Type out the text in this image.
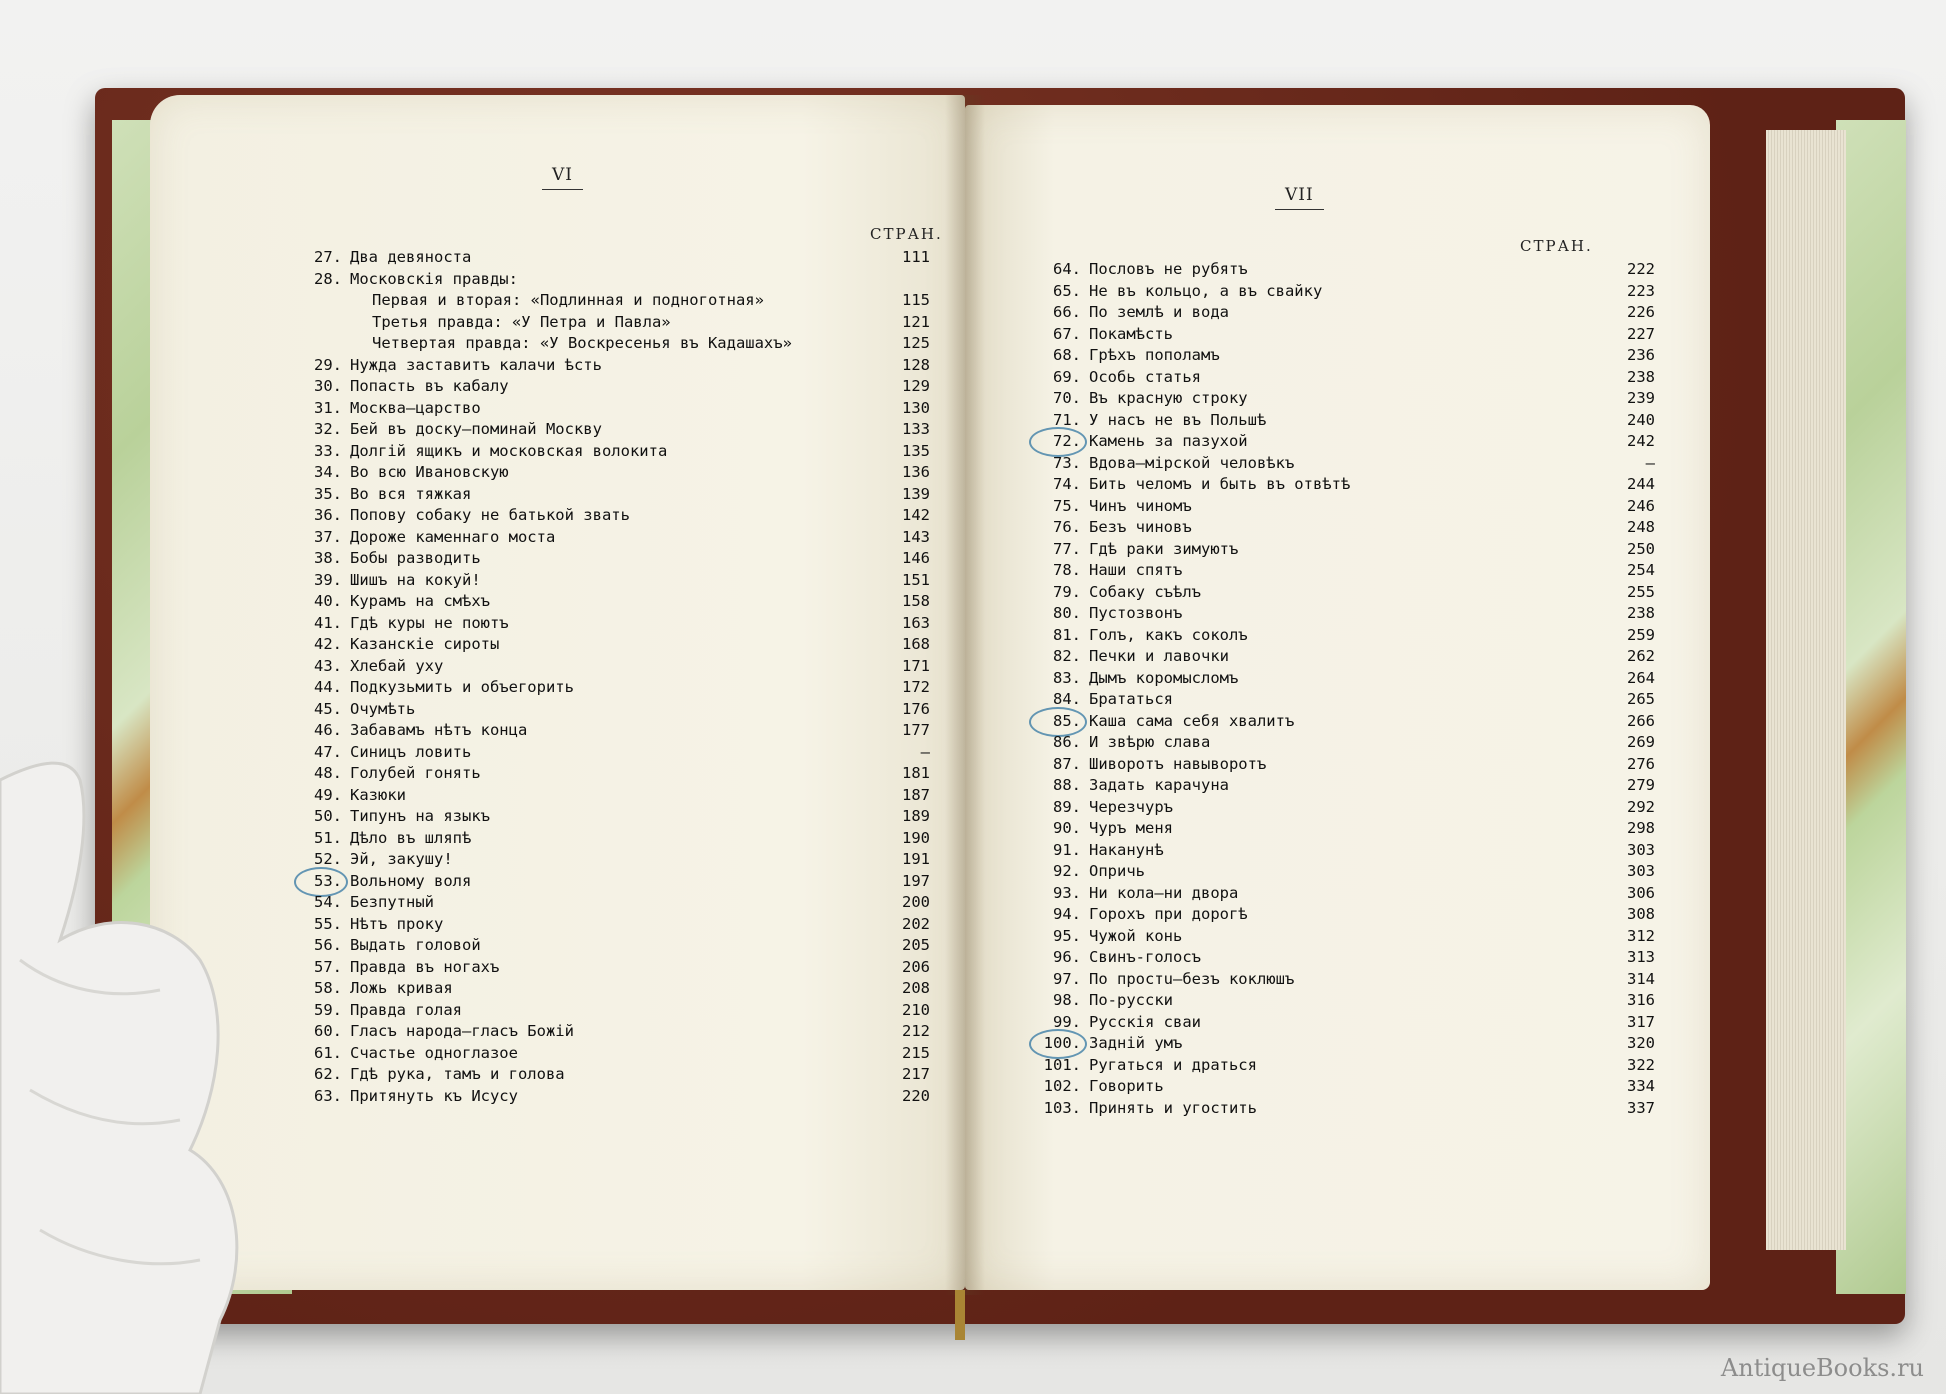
VI
СТРАН.
27. Два девяноста	111
28. Московскія правды:
Первая и вторая: «Подлинная и подноготная»	115
Третья правда: «У Петра и Павла»	121
Четвертая правда: «У Воскресенья въ Кадашахъ»	125
29. Нужда заставитъ калачи ѣсть	128
30. Попасть въ кабалу	129
31. Москва—царство	130
32. Бей въ доску—поминай Москву	133
33. Долгій ящикъ и московская волокита	135
34. Во всю Ивановскую	136
35. Во вся тяжкая	139
36. Попову собаку не батькой звать	142
37. Дороже каменнаго моста	143
38. Бобы разводить	146
39. Шишъ на кокуй!	151
40. Курамъ на смѣхъ	158
41. Гдѣ куры не поютъ	163
42. Казанскіе сироты	168
43. Хлебай уху	171
44. Подкузьмить и объегорить	172
45. Очумѣть	176
46. Забавамъ нѣтъ конца	177
47. Синицъ ловить	—
48. Голубей гонять	181
49. Казюки	187
50. Типунъ на языкъ	189
51. Дѣло въ шляпѣ	190
52. Эй, закушу!	191
53. Вольному воля	197
54. Безпутный	200
55. Нѣтъ проку	202
56. Выдать головой	205
57. Правда въ ногахъ	206
58. Ложь кривая	208
59. Правда голая	210
60. Гласъ народа—гласъ Божій	212
61. Счастье одноглазое	215
62. Гдѣ рука, тамъ и голова	217
63. Притянуть къ Исусу	220
VII
СТРАН.
64. Пословъ не рубятъ	222
65. Не въ кольцо, а въ свайку	223
66. По землѣ и вода	226
67. Покамѣсть	227
68. Грѣхъ пополамъ	236
69. Особь статья	238
70. Въ красную строку	239
71. У насъ не въ Польшѣ	240
72. Камень за пазухой	242
73. Вдова—мірской человѣкъ	—
74. Бить челомъ и быть въ отвѣтѣ	244
75. Чинъ чиномъ	246
76. Безъ чиновъ	248
77. Гдѣ раки зимуютъ	250
78. Наши спятъ	254
79. Собаку съѣлъ	255
80. Пустозвонъ	238
81. Голъ, какъ соколъ	259
82. Печки и лавочки	262
83. Дымъ коромысломъ	264
84. Брататься	265
85. Каша сама себя хвалитъ	266
86. И звѣрю слава	269
87. Шиворотъ навыворотъ	276
88. Задать карачуна	279
89. Черезчуръ	292
90. Чуръ меня	298
91. Наканунѣ	303
92. Опричь	303
93. Ни кола—ни двора	306
94. Горохъ при дорогѣ	308
95. Чужой конь	312
96. Свинъ-голосъ	313
97. По простu—безъ коклюшъ	314
98. По-русски	316
99. Русскія сваи	317
100. Заднiй умъ	320
101. Ругаться и драться	322
102. Говорить	334
103. Принять и угостить	337
AntiqueBooks.ru
